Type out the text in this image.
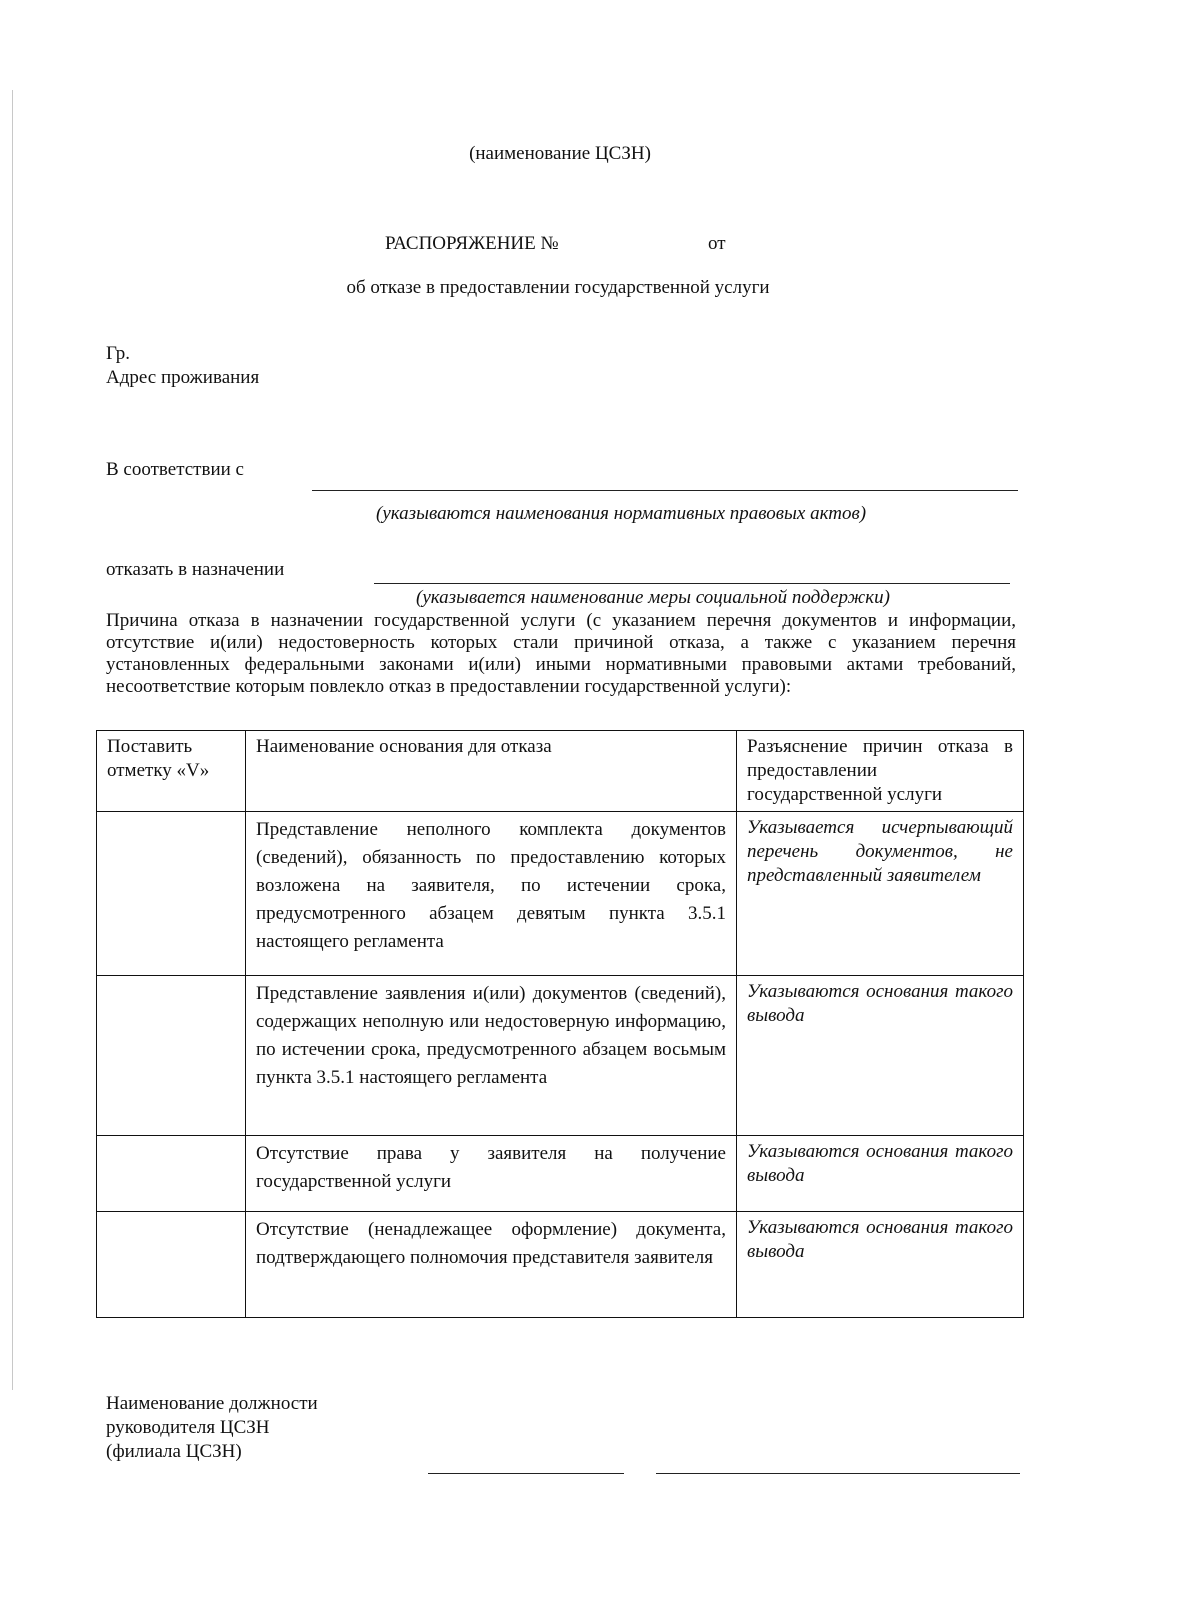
(наименование ЦСЗН)
РАСПОРЯЖЕНИЕ №	от
об отказе в предоставлении государственной услуги
Гр.
Адрес проживания
В соответствии с
(указываются наименования нормативных правовых актов)
отказать в назначении
(указывается наименование меры социальной поддержки)
Причина отказа в назначении государственной услуги (с указанием перечня документов и информации, отсутствие и(или) недостоверность которых стали причиной отказа, а также с указанием перечня установленных федеральными законами и(или) иными нормативными правовыми актами требований, несоответствие которым повлекло отказ в предоставлении государственной услуги):
Поставить отметку «V»	Наименование основания для отказа	Разъяснение причин отказа в предоставлении государственной услуги
	Представление неполного комплекта документов (сведений), обязанность по предоставлению которых возложена на заявителя, по истечении срока, предусмотренного абзацем девятым пункта 3.5.1 настоящего регламента	Указывается исчерпывающий перечень документов, не представленный заявителем
	Представление заявления и(или) документов (сведений), содержащих неполную или недостоверную информацию, по истечении срока, предусмотренного абзацем восьмым пункта 3.5.1 настоящего регламента	Указываются основания такого вывода
	Отсутствие права у заявителя на получение государственной услуги	Указываются основания такого вывода
	Отсутствие (ненадлежащее оформление) документа, подтверждающего полномочия представителя заявителя	Указываются основания такого вывода
Наименование должности
руководителя ЦСЗН
(филиала ЦСЗН)
